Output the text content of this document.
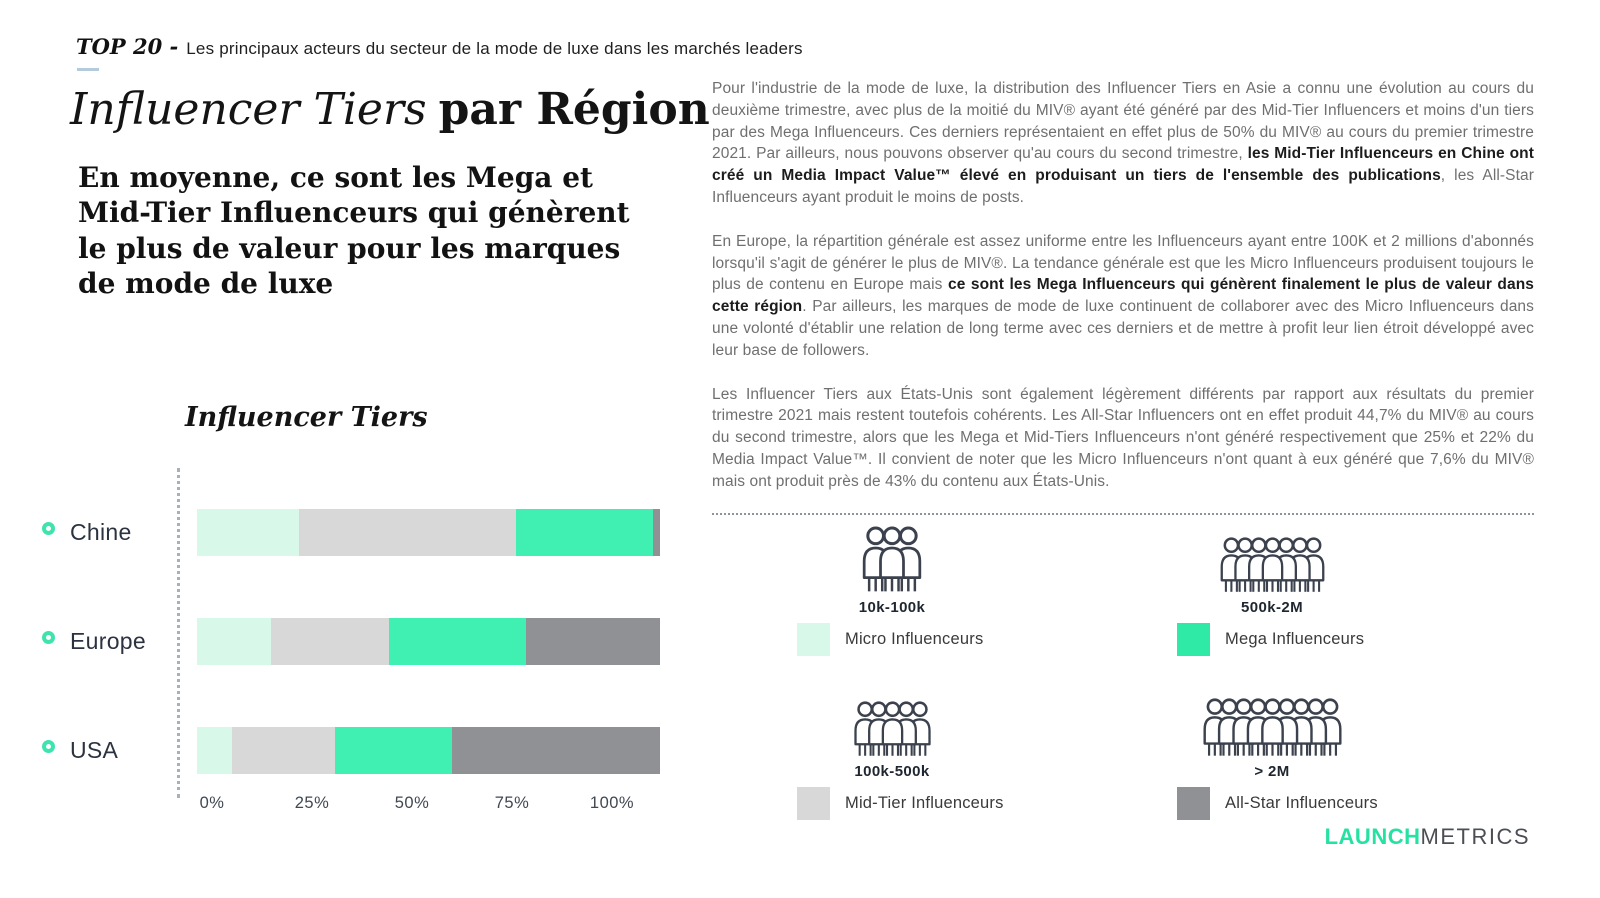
TOP 20 - Les principaux acteurs du secteur de la mode de luxe dans les marchés leaders
Influencer Tiers par Région
En moyenne, ce sont les Mega et Mid-Tier Influenceurs qui génèrent le plus de valeur pour les marques de mode de luxe
Influencer Tiers
Chine
Europe
USA
0%	25%	50%	75%	100%

Pour l'industrie de la mode de luxe, la distribution des Influencer Tiers en Asie a connu une évolution au cours du deuxième trimestre, avec plus de la moitié du MIV® ayant été généré par des Mid-Tier Influencers et moins d'un tiers par des Mega Influenceurs. Ces derniers représentaient en effet plus de 50% du MIV® au cours du premier trimestre 2021. Par ailleurs, nous pouvons observer qu'au cours du second trimestre, les Mid-Tier Influenceurs en Chine ont créé un Media Impact Value™ élevé en produisant un tiers de l'ensemble des publications, les All-Star Influenceurs ayant produit le moins de posts.

En Europe, la répartition générale est assez uniforme entre les Influenceurs ayant entre 100K et 2 millions d'abonnés lorsqu'il s'agit de générer le plus de MIV®. La tendance générale est que les Micro Influenceurs produisent toujours le plus de contenu en Europe mais ce sont les Mega Influenceurs qui génèrent finalement le plus de valeur dans cette région. Par ailleurs, les marques de mode de luxe continuent de collaborer avec des Micro Influenceurs dans une volonté d'établir une relation de long terme avec ces derniers et de mettre à profit leur lien étroit développé avec leur base de followers.

Les Influencer Tiers aux États-Unis sont également légèrement différents par rapport aux résultats du premier trimestre 2021 mais restent toutefois cohérents. Les All-Star Influencers ont en effet produit 44,7% du MIV® au cours du second trimestre, alors que les Mega et Mid-Tiers Influenceurs n'ont généré respectivement que 25% et 22% du Media Impact Value™. Il convient de noter que les Micro Influenceurs n'ont quant à eux généré que 7,6% du MIV® mais ont produit près de 43% du contenu aux États-Unis.

10k-100k
Micro Influenceurs
500k-2M
Mega Influenceurs
100k-500k
Mid-Tier Influenceurs
> 2M
All-Star Influenceurs
LAUNCHMETRICS
